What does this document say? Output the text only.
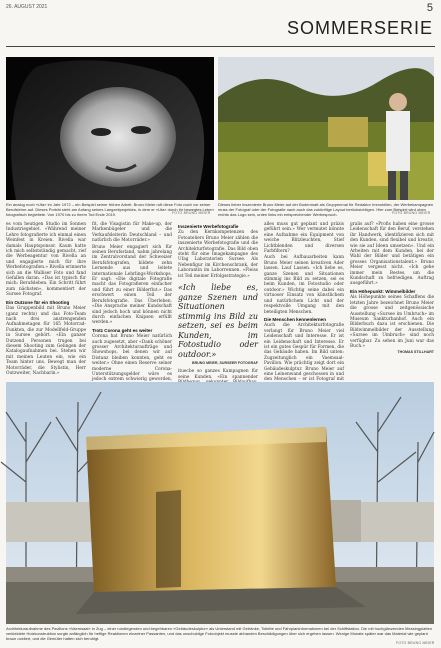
26. AUGUST 2021	5
SOMMERSERIE
Ein analog noch «Uta» im Jahr 1972 – ein Beispiel seiner frühen Arbeit. Bruno Meier ruft diese Foto noch vor seiner Berufslehre auf. Dieses Porträt steht am Anfang seines Langzeitprojektes, in dem er «Uta» durch ihr bewegtes Leben fotografisch begleitete. Von 1970 bis zu ihrem Tod Ende 2019.	FOTO BRUNO MEIER
Dieses lieber inszenierte Bruno Meier auf der Bodenmatt als Gruppenmal für Redaktor Immobilien, der Werbekampagnen muss der Fotograf oder der Fotografie nach auch das zukünftige Layout berücksichtigen. Hier zum Beispiel wird oben rechts das Logo sein, unten links ein entsprechender Werbespruch.	FOTO BRUNO MEIER

es vom heutigen Studio im Sonnen Industriegebiet. «Während meiner Lehre fotografierte ich einmal einen Weinfest in Kreien. Rivella war damals Hauptsponsor. Kaum hatte ich mich selbstständig gemacht, rief die Werbeagentur von Rivella an und engagierte mich für ihre Werbefotografien.» Rivella erinnerte sich an die Walliser Foto und fand Gefallen daran. «Das ist typisch für mich: Berufsleben. Ein Schritt führt zum nächsten», kommentiert der Sursee Fotograf.

Ein Outzone für ein Shooting

Das Gruppenbild mit Bruno Meier (ganz rechts) und das Foto-Team nach drei anstrengenden Aufnahmetagen für 165 Motorrad-Funkten, die zur Modellfeld-Gruppe in Sursee gehört. «Ein ganzer Dutzend Personen trugen bei diesem Shooting zum Gelingen der Katalogaufnahmen bei. Stehen wir mit meinen Leuten ein, wie ein Team hinter uns. Bewegt man der Motorräder, die Stylistin, Herr Outzweiter, Nachbarin.»

fit, die Visagistin für Make-up, der Markenbügeler und die Verkaufsleiterin Deutschland – und natürlich die Motorräder.»

Bruno Meier engagiert sich für seinen Berufsstand, nahm jahrelang im Zentralvorstand der Schweizer Berufsfotografen, bildete zehn Lernende aus und leitete internationale Lehrlings-Workshops. Er sagt: «Die digitale Fotografie macht das Fotografieren einfacher und führt zu einer Bilderflut.» Das erschwert einen Teil der Berufsfotografie. Das Überleben. «Die Ansprache meiner Kundschaft sind jedoch hoch und können nicht durch einfachen Knipsen erfüllt werden.»

Trotz Corona geht es weiter

Corona hat Bruno Meier natürlich auch zugesetzt, aber «Dank schöner grosser Architekturaufträge und Showshops, bei denen wir auf Distanz bleiben konnten, geht es weiter.» Ohne einen Reserve seiner moderne Corona-Unterstützungsgelder wäre es jedoch extrem schwierig geworden,

Inszenierte Werbefotografie

Zu den Kernkompetenzen des Fotoateliers Bruno Meier zählen die inszenierte Werbefotografie und die Architekturfotografie. Das Bild oben steht für eine Imagekampagne des Ufag Laboratorien Sursee. Als Nebenfigur im Kirchenschrank, der Laborantin im Laborrennen. «Fleiss ist Teil meiner Erfolgsstrategie.»

«Ich liebe es, ganze Szenen und Situationen stimmig ins Bild zu setzen, sei es beim Kunden, im Fotostudio oder outdoor.»
BRUNO MEIER, SURSEER FOTOGRAF

ituecbe so ganzes Kampagnen für seine Kunden. «Ein spannender

alles muss gut geplant und präzis geführt sein.» Wer vermutet könnte eine Aufnahme ein Equipment von weiche Blitzleuchten, Stief Lichtblenden und diversen Farbfiltern?

Auch bei Aufbauarbeiten kann Bruno Meier seinen kreativen Ader lassen. Lauf Lassen. «Ich liebe es, ganze Szenen und Situationen stimmig ins Bild zu setzen, sei es beim Kunden, im Fotostudio oder outdoor.» Wichtig seine dabei ein virtuoser Einsatz von künstlichem und natürlichem Licht und der respektvolle Umgang mit den beteiligten Menschen.

Die Menschen kennenlernen

Auch die Architekturfotografie verlangt für Bruno Meier viel Leidenschaft und Interesse. Er ist ein Leidenschaft und Interesse. Er ist ein gutes Gespür für Formen, die das Gebäude haben. Im Bild unten: Zugzeitunglich ein Vaemsaal-Pavillon. Wie prächtig zeigt dort ein Gebäudeskulptur. Bruno Meier auf eine Leinenwand geschossen in und den Menschen – er ist Fotograf mit

gralis auf? «Profis haben eine grosse Leidenschaft für den Beruf, verstehen ihr Handwerk, identifizieren sich mit den Kunden, sind flexibel und kreativ, wie sie auf Ideen umsetzen». Und ein Arbeiten mit dem Kunden, bei der Wahl der Bilder und betätigen ein grosses Organisationstalent.» Bruno Meier vergesst nicht. «Ich gehe immer mein Bestes, um die Kundschaft zu befriedigen. Auftrag ausgeführt.»

Ein Höhepunkt: Wimmelbilder

Als Höhepunkte seines Schaffens die letzten Jahre bezeichnet Bruno Meier die grosse und zeitgenössische Ausstellung «Sursee im Umbruch» im Museum Sankturbanhof. Auch ein Bilderbuch dazu ist erschienen. Die Bildwimmelbilder der Ausstellung «Sursee im Umbruch» sind noch verfügbar. Zu sehen im Juni war das Buch.»

THOMAS STILLHART
Architekturaufnahme des Pavillons «Vaemsaal» in Zug – einer rundlegenden und begehbaren «Gebäudeskulptur» als Unterstand mit Getränke, Toilette und Fahrplaninformationen bei der Schiffstation. Die mit hochglänzenden Messingplatten verkleidete Holzkonstruktion sorgte anfänglich für heftige Reaktionen einzelner Passanten, und das unschuldige Fotoobjekt musste abhanden Beschädigungen über sich ergehen lassen. Wenige Monate später war das Material wie geplant braun oxidiert, und die Gemüter hatten sich beruhigt.
FOTO BRUNO MEIER
